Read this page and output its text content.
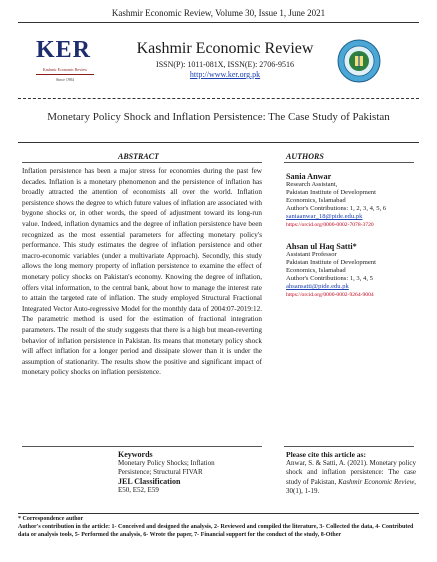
Kashmir Economic Review, Volume 30, Issue 1, June 2021
KER
Kashmir Economic Review
Since 1984
Kashmir Economic Review
ISSN(P): 1011-081X, ISSN(E): 2706-9516
http://www.ker.org.pk
Monetary Policy Shock and Inflation Persistence: The Case Study of Pakistan
ABSTRACT	AUTHORS
Inflation persistence has been a major stress for economies during the past few decades. Inflation is a monetary phenomenon and the persistence of inflation has broadly attracted the attention of economists all over the world. Inflation persistence shows the degree to which future values of inflation are associated with bygone shocks or, in other words, the speed of adjustment toward its long-run value. Indeed, inflation dynamics and the degree of inflation persistence have been recognized as the most essential parameters for affecting monetary policy's performance. This study estimates the degree of inflation persistence and other macro-economic variables (under a multivariate Approach). Secondly, this study allows the long memory property of inflation persistence to examine the effect of monetary policy shocks on Pakistan's economy. Knowing the degree of inflation, offers vital information, to the central bank, about how to manage the interest rate to attain the targeted rate of inflation. The study employed Structural Fractional Integrated Vector Auto-regressive Model for the monthly data of 2004:07-2019:12. The parametric method is used for the estimation of fractional integration parameters. The result of the study suggests that there is a high but mean-reverting behavior of inflation persistence in Pakistan. Its means that monetary policy shock will affect inflation for a longer period and dissipate slower than it is under the assumption of stationarity. The results show the positive and significant impact of monetary policy shocks on inflation persistence.
Sania Anwar
Research Assistant,
Pakistan Institute of Development
Economics, Islamabad
Author's Contributions: 1, 2, 3, 4, 5, 6
saniaanwar_18@pide.edu.pk
https://orcid.org/0000-0002-7078-3720
Ahsan ul Haq Satti*
Assistant Professor
Pakistan Institute of Development
Economics, Islamabad
Author's Contributions: 1, 3, 4, 5
ahsansatti@pide.edu.pk
https://orcid.org/0000-0002-9264-9004
Keywords
Monetary Policy Shocks; Inflation Persistence; Structural FIVAR
JEL Classification
E50, E52, E59
Please cite this article as:
Anwar, S. & Satti, A. (2021). Monetary policy shock and inflation persistence: The case study of Pakistan, Kashmir Economic Review, 30(1), 1-19.
* Correspondence author
Author's contribution in the article: 1- Conceived and designed the analysis, 2- Reviewed and compiled the literature, 3- Collected the data, 4- Contributed data or analysis tools, 5- Performed the analysis, 6- Wrote the paper, 7- Financial support for the conduct of the study, 8-Other
